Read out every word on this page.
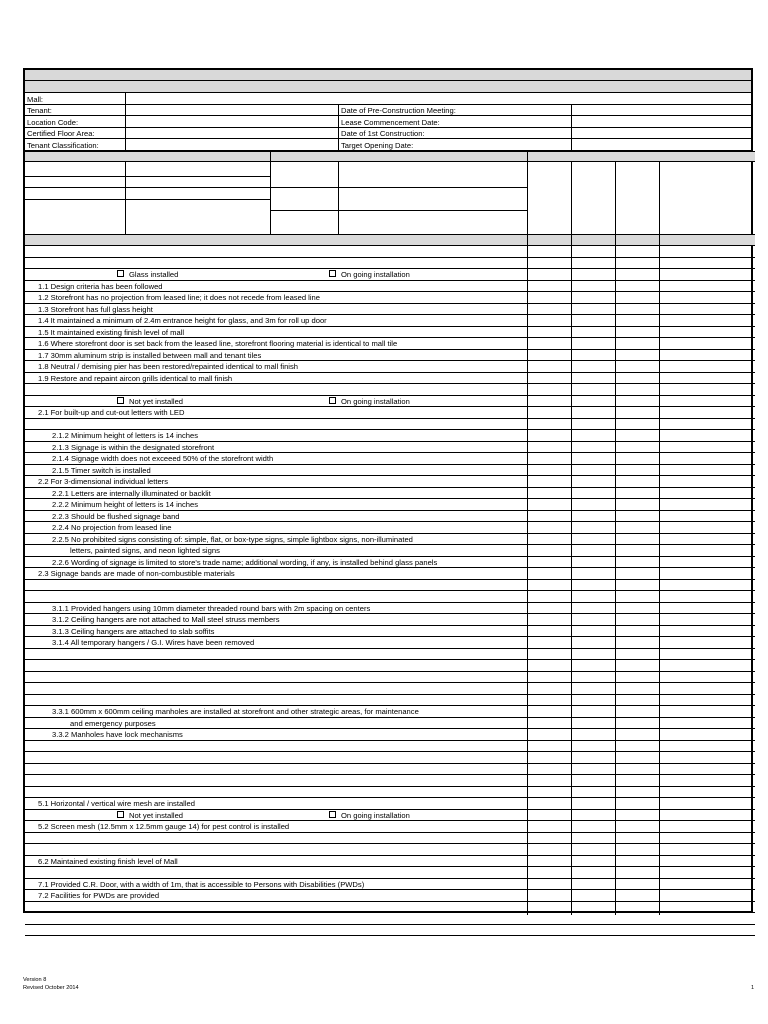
Mall:
Tenant:
Location Code:
Certified Floor Area:
Tenant Classification:
Date of Pre-Construction Meeting:
Lease Commencement Date:
Date of 1st Construction:
Target Opening Date:
Glass installed	On going installation
1.1 Design criteria has been followed
1.2 Storefront has no projection from leased line; it does not recede from leased line
1.3 Storefront has full glass height
1.4 It maintained a minimum of 2.4m entrance height for glass, and 3m for roll up door
1.5 It maintained existing finish level of mall
1.6 Where storefront door is set back from the leased line, storefront flooring material is identical to mall tile
1.7 30mm aluminum strip is installed between mall and tenant tiles
1.8 Neutral / demising pier has been restored/repainted identical to mall finish
1.9 Restore and repaint aircon grills identical to mall finish
Not yet installed	On going installation
2.1 For built-up and cut-out letters with LED
2.1.2 Minimum height of letters is 14 inches
2.1.3 Signage is within the designated storefront
2.1.4 Signage width does not exceeed 50% of the storefront width
2.1.5 Timer switch is installed
2.2 For 3-dimensional individual letters
2.2.1 Letters are internally illuminated or backlit
2.2.2 Minimum height of letters is 14 inches
2.2.3 Should be flushed signage band
2.2.4 No projection from leased line
2.2.5 No prohibited signs consisting of: simple, flat, or box-type signs, simple lightbox signs, non-illuminated
letters, painted signs, and neon lighted signs
2.2.6 Wording of signage is limited to store's trade name; additional wording, if any, is installed behind glass panels
2.3 Signage bands are made of non-combustible materials
3.1.1 Provided hangers using 10mm diameter threaded round bars with 2m spacing on centers
3.1.2 Ceiling hangers are not attached to Mall steel struss members
3.1.3 Ceiling hangers are attached to slab soffits
3.1.4 All temporary hangers / G.I. Wires have been removed
3.3.1 600mm x 600mm ceiling manholes are installed at storefront and other strategic areas, for maintenance
and emergency purposes
3.3.2 Manholes have lock mechanisms
5.1 Horizontal / vertical wire mesh are installed
Not yet installed	On going installation
5.2 Screen mesh (12.5mm x 12.5mm gauge 14) for pest control is installed
6.2 Maintained existing finish level of Mall
7.1 Provided C.R. Door, with a width of 1m, that is accessible to Persons with Disabilities (PWDs)
7.2 Facilities for PWDs are provided
Version 8
Revised October 2014	1
